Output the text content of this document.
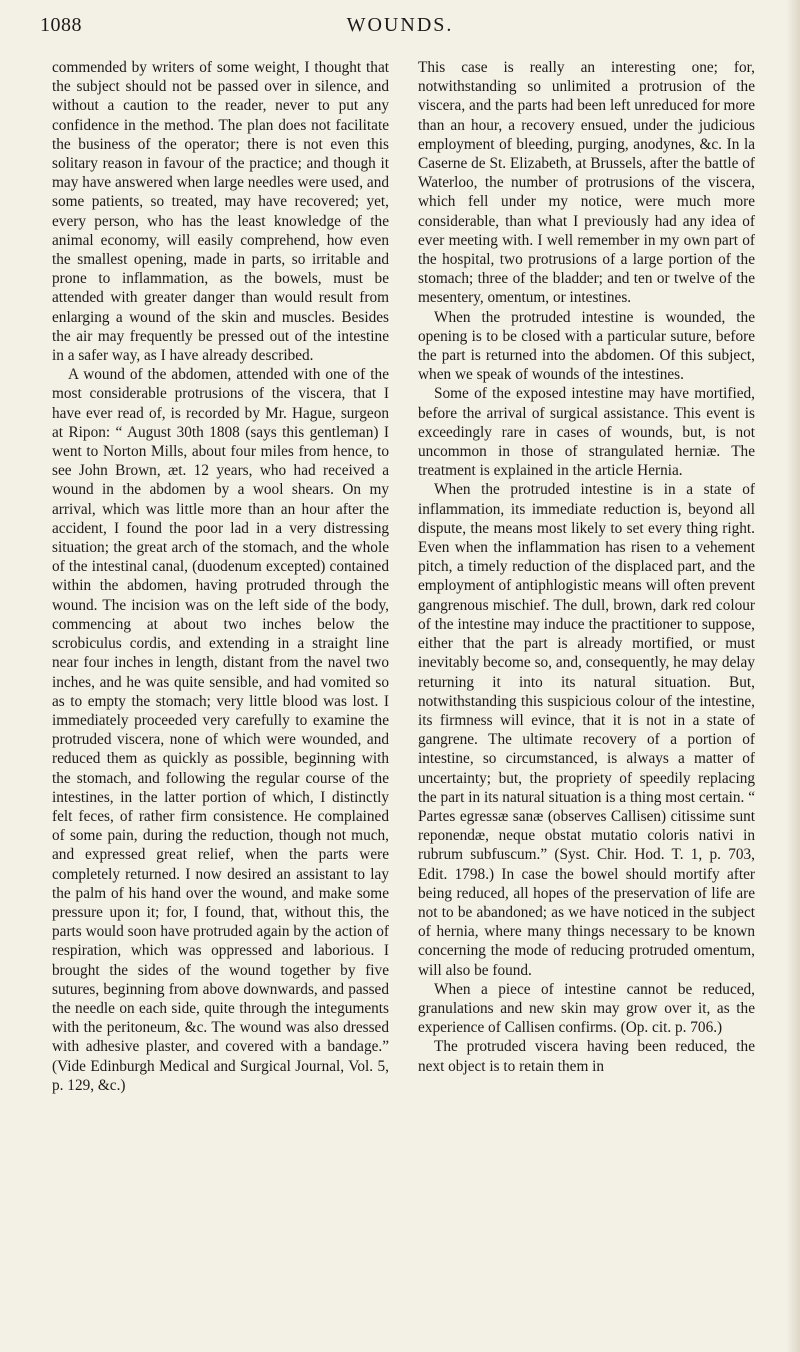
1088	WOUNDS.

commended by writers of some weight, I thought that the subject should not be passed over in silence, and without a caution to the reader, never to put any confidence in the method. The plan does not facilitate the business of the operator; there is not even this solitary reason in favour of the practice; and though it may have answered when large needles were used, and some patients, so treated, may have recovered; yet, every person, who has the least knowledge of the animal economy, will easily comprehend, how even the smallest opening, made in parts, so irritable and prone to inflammation, as the bowels, must be attended with greater danger than would result from enlarging a wound of the skin and muscles. Besides the air may frequently be pressed out of the intestine in a safer way, as I have already described.

A wound of the abdomen, attended with one of the most considerable protrusions of the viscera, that I have ever read of, is recorded by Mr. Hague, surgeon at Ripon: “ August 30th 1808 (says this gentleman) I went to Norton Mills, about four miles from hence, to see John Brown, æt. 12 years, who had received a wound in the abdomen by a wool shears. On my arrival, which was little more than an hour after the accident, I found the poor lad in a very distressing situation; the great arch of the stomach, and the whole of the intestinal canal, (duodenum excepted) contained within the abdomen, having protruded through the wound. The incision was on the left side of the body, commencing at about two inches below the scrobiculus cordis, and extending in a straight line near four inches in length, distant from the navel two inches, and he was quite sensible, and had vomited so as to empty the stomach; very little blood was lost. I immediately proceeded very carefully to examine the protruded viscera, none of which were wounded, and reduced them as quickly as possible, beginning with the stomach, and following the regular course of the intestines, in the latter portion of which, I distinctly felt feces, of rather firm consistence. He complained of some pain, during the reduction, though not much, and expressed great relief, when the parts were completely returned. I now desired an assistant to lay the palm of his hand over the wound, and make some pressure upon it; for, I found, that, without this, the parts would soon have protruded again by the action of respiration, which was oppressed and laborious. I brought the sides of the wound together by five sutures, beginning from above downwards, and passed the needle on each side, quite through the integuments with the peritoneum, &c. The wound was also dressed with adhesive plaster, and covered with a bandage.” (Vide Edinburgh Medical and Surgical Journal, Vol. 5, p. 129, &c.)

This case is really an interesting one; for, notwithstanding so unlimited a protrusion of the viscera, and the parts had been left unreduced for more than an hour, a recovery ensued, under the judicious employment of bleeding, purging, anodynes, &c. In la Caserne de St. Elizabeth, at Brussels, after the battle of Waterloo, the number of protrusions of the viscera, which fell under my notice, were much more considerable, than what I previously had any idea of ever meeting with. I well remember in my own part of the hospital, two protrusions of a large portion of the stomach; three of the bladder; and ten or twelve of the mesentery, omentum, or intestines.

When the protruded intestine is wounded, the opening is to be closed with a particular suture, before the part is returned into the abdomen. Of this subject, when we speak of wounds of the intestines.

Some of the exposed intestine may have mortified, before the arrival of surgical assistance. This event is exceedingly rare in cases of wounds, but, is not uncommon in those of strangulated herniæ. The treatment is explained in the article Hernia.

When the protruded intestine is in a state of inflammation, its immediate reduction is, beyond all dispute, the means most likely to set every thing right. Even when the inflammation has risen to a vehement pitch, a timely reduction of the displaced part, and the employment of antiphlogistic means will often prevent gangrenous mischief. The dull, brown, dark red colour of the intestine may induce the practitioner to suppose, either that the part is already mortified, or must inevitably become so, and, consequently, he may delay returning it into its natural situation. But, notwithstanding this suspicious colour of the intestine, its firmness will evince, that it is not in a state of gangrene. The ultimate recovery of a portion of intestine, so circumstanced, is always a matter of uncertainty; but, the propriety of speedily replacing the part in its natural situation is a thing most certain. “ Partes egressæ sanæ (observes Callisen) citissime sunt reponendæ, neque obstat mutatio coloris nativi in rubrum subfuscum.” (Syst. Chir. Hod. T. 1, p. 703, Edit. 1798.) In case the bowel should mortify after being reduced, all hopes of the preservation of life are not to be abandoned; as we have noticed in the subject of hernia, where many things necessary to be known concerning the mode of reducing protruded omentum, will also be found.

When a piece of intestine cannot be reduced, granulations and new skin may grow over it, as the experience of Callisen confirms. (Op. cit. p. 706.)

The protruded viscera having been reduced, the next object is to retain them in
